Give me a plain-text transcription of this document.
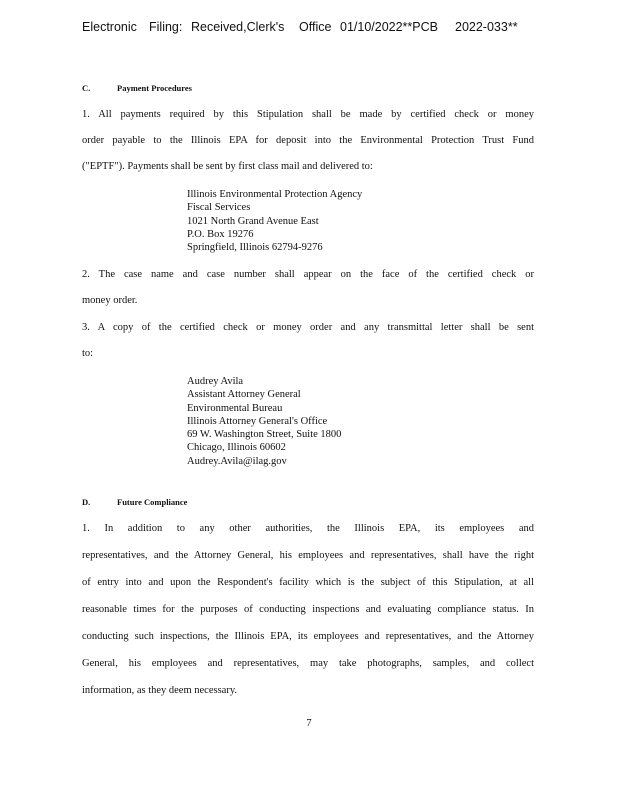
Electronic Filing: Received,Clerk's Office 01/10/2022**PCB 2022-033**
C.	Payment Procedures
1. All payments required by this Stipulation shall be made by certified check or money
order payable to the Illinois EPA for deposit into the Environmental Protection Trust Fund
("EPTF"). Payments shall be sent by first class mail and delivered to:
Illinois Environmental Protection Agency
Fiscal Services
1021 North Grand Avenue East
P.O. Box 19276
Springfield, Illinois 62794-9276
2. The case name and case number shall appear on the face of the certified check or
money order.
3. A copy of the certified check or money order and any transmittal letter shall be sent
to:
Audrey Avila
Assistant Attorney General
Environmental Bureau
Illinois Attorney General's Office
69 W. Washington Street, Suite 1800
Chicago, Illinois 60602
Audrey.Avila@ilag.gov
D.	Future Compliance
1. In addition to any other authorities, the Illinois EPA, its employees and
representatives, and the Attorney General, his employees and representatives, shall have the right
of entry into and upon the Respondent's facility which is the subject of this Stipulation, at all
reasonable times for the purposes of conducting inspections and evaluating compliance status. In
conducting such inspections, the Illinois EPA, its employees and representatives, and the Attorney
General, his employees and representatives, may take photographs, samples, and collect
information, as they deem necessary.
7
